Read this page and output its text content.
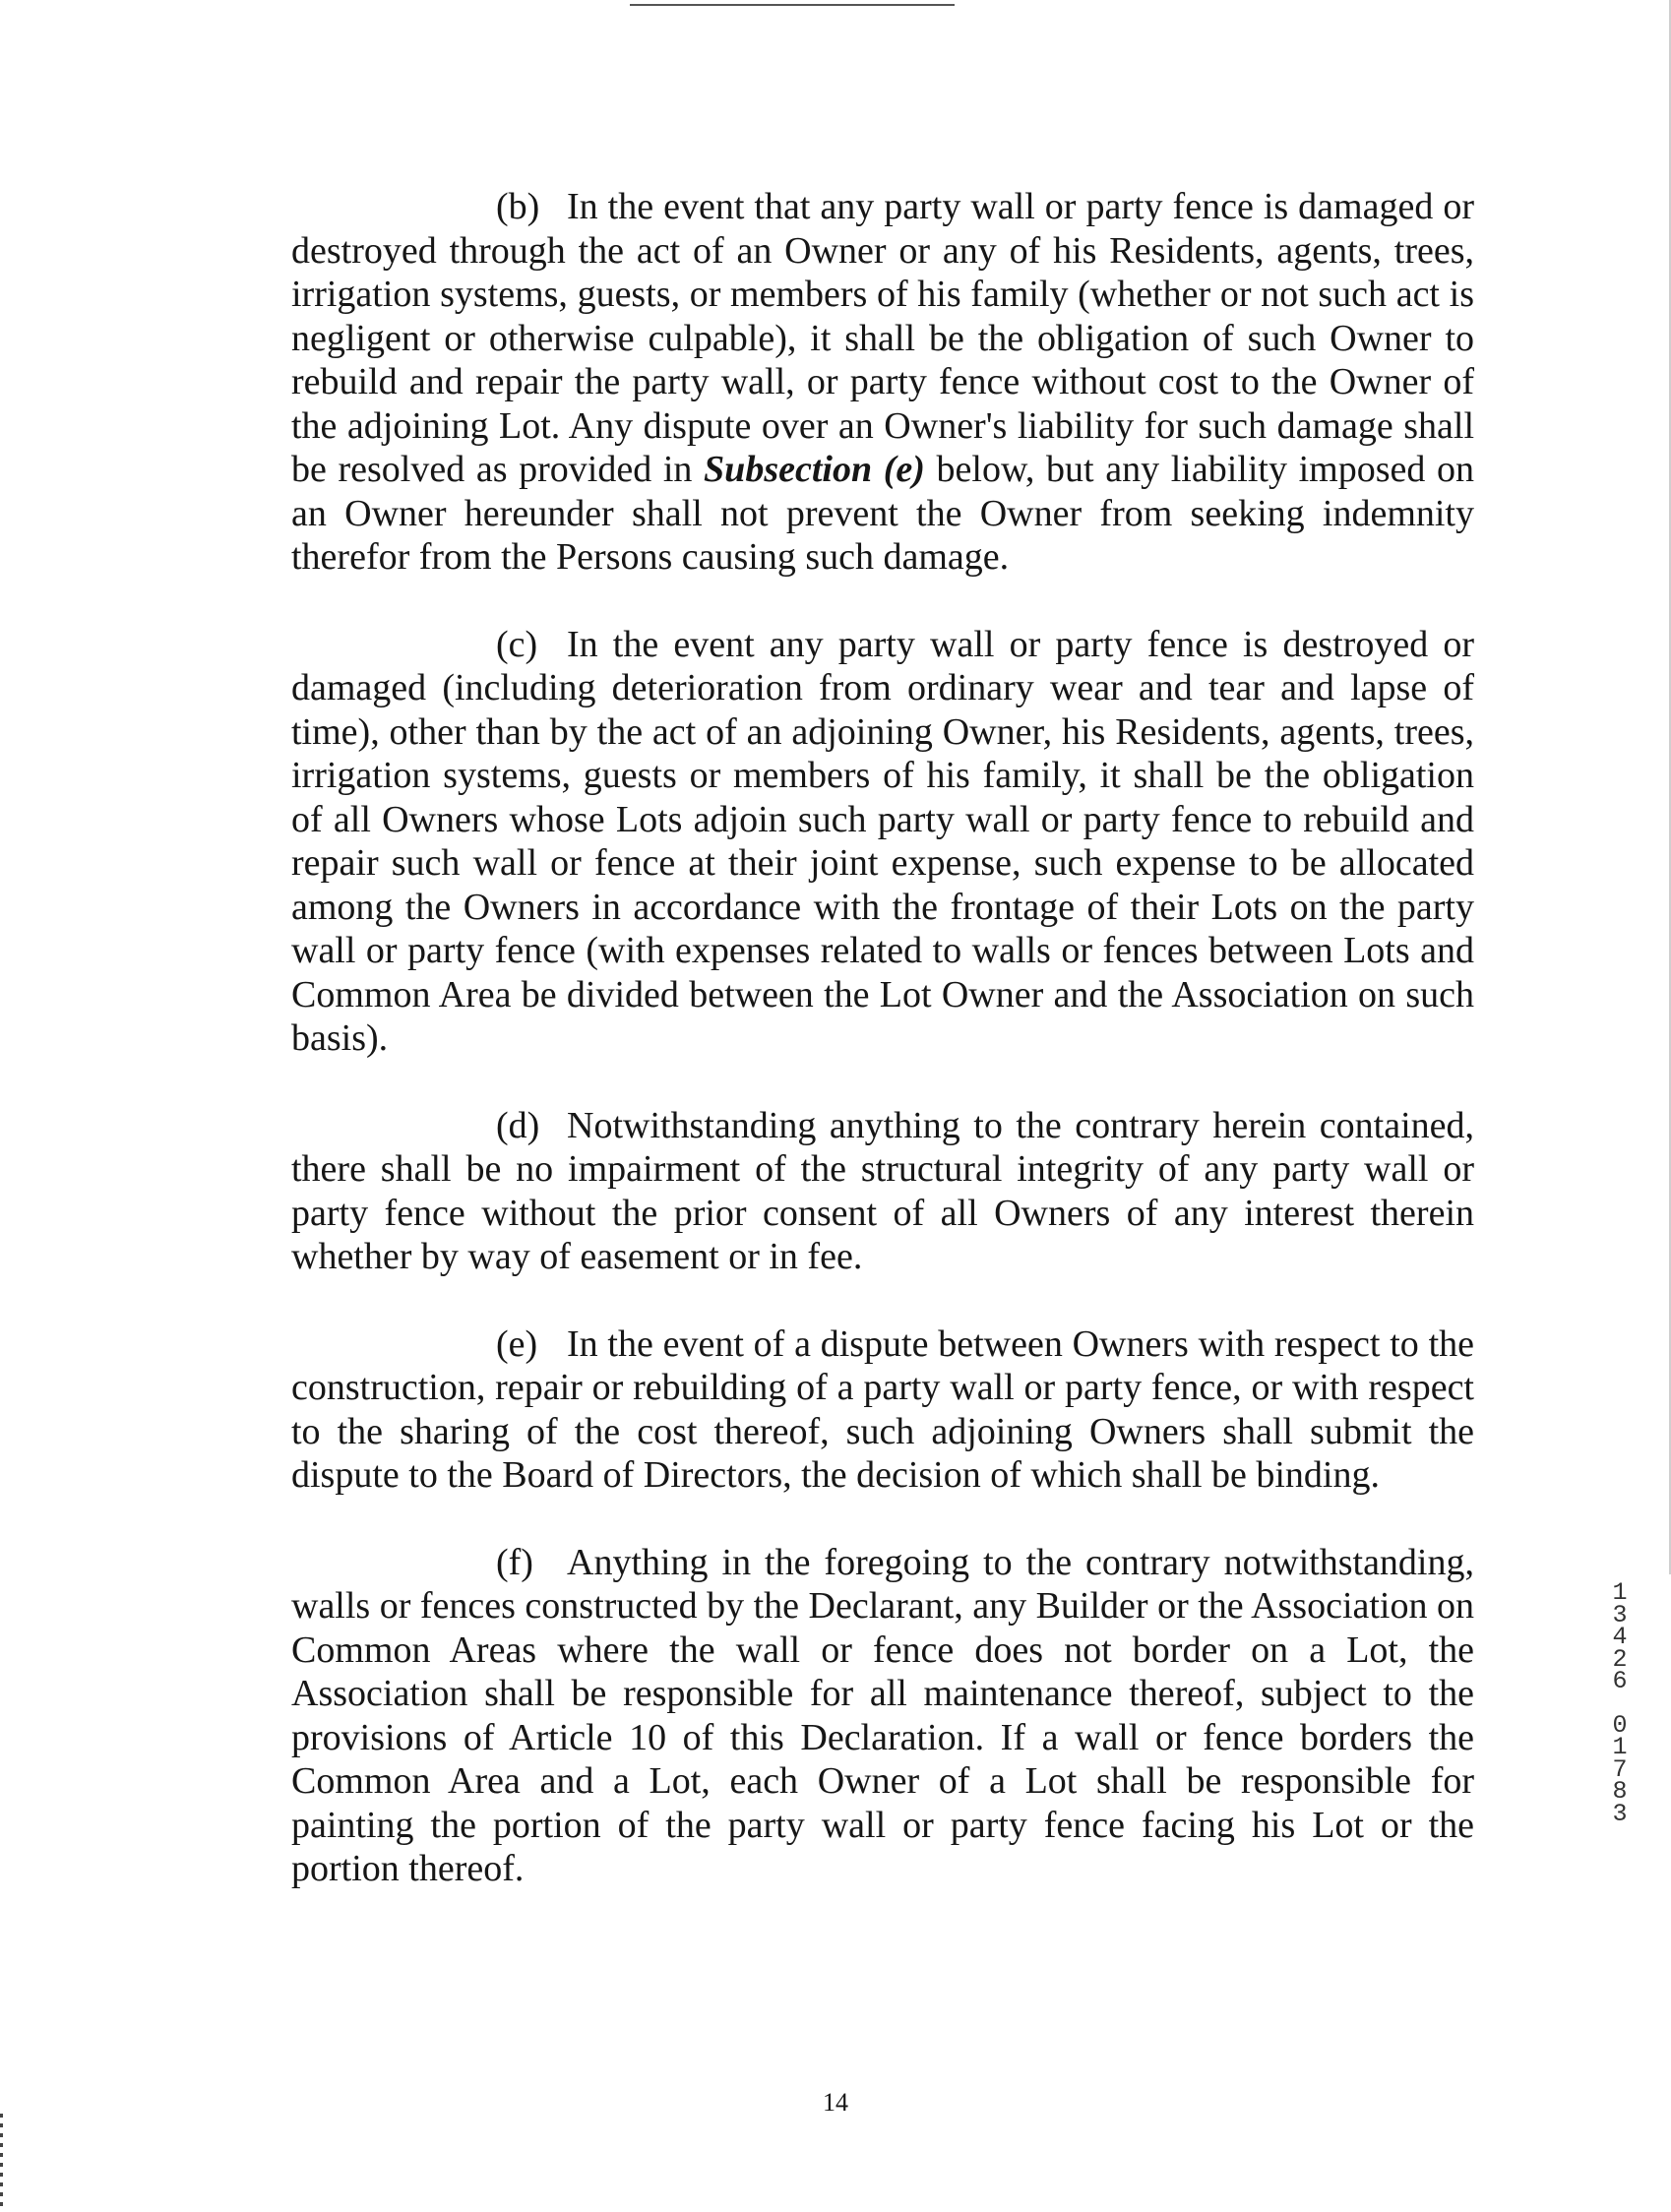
(b) In the event that any party wall or party fence is damaged or destroyed through the act of an Owner or any of his Residents, agents, trees, irrigation systems, guests, or members of his family (whether or not such act is negligent or otherwise culpable), it shall be the obligation of such Owner to rebuild and repair the party wall, or party fence without cost to the Owner of the adjoining Lot. Any dispute over an Owner's liability for such damage shall be resolved as provided in Subsection (e) below, but any liability imposed on an Owner hereunder shall not prevent the Owner from seeking indemnity therefor from the Persons causing such damage.

(c) In the event any party wall or party fence is destroyed or damaged (including deterioration from ordinary wear and tear and lapse of time), other than by the act of an adjoining Owner, his Residents, agents, trees, irrigation systems, guests or members of his family, it shall be the obligation of all Owners whose Lots adjoin such party wall or party fence to rebuild and repair such wall or fence at their joint expense, such expense to be allocated among the Owners in accordance with the frontage of their Lots on the party wall or party fence (with expenses related to walls or fences between Lots and Common Area be divided between the Lot Owner and the Association on such basis).

(d) Notwithstanding anything to the contrary herein contained, there shall be no impairment of the structural integrity of any party wall or party fence without the prior consent of all Owners of any interest therein whether by way of easement or in fee.

(e) In the event of a dispute between Owners with respect to the construction, repair or rebuilding of a party wall or party fence, or with respect to the sharing of the cost thereof, such adjoining Owners shall submit the dispute to the Board of Directors, the decision of which shall be binding.

(f) Anything in the foregoing to the contrary notwithstanding, walls or fences constructed by the Declarant, any Builder or the Association on Common Areas where the wall or fence does not border on a Lot, the Association shall be responsible for all maintenance thereof, subject to the provisions of Article 10 of this Declaration. If a wall or fence borders the Common Area and a Lot, each Owner of a Lot shall be responsible for painting the portion of the party wall or party fence facing his Lot or the portion thereof.

14
1
3
4
2
6
0
1
7
8
3
